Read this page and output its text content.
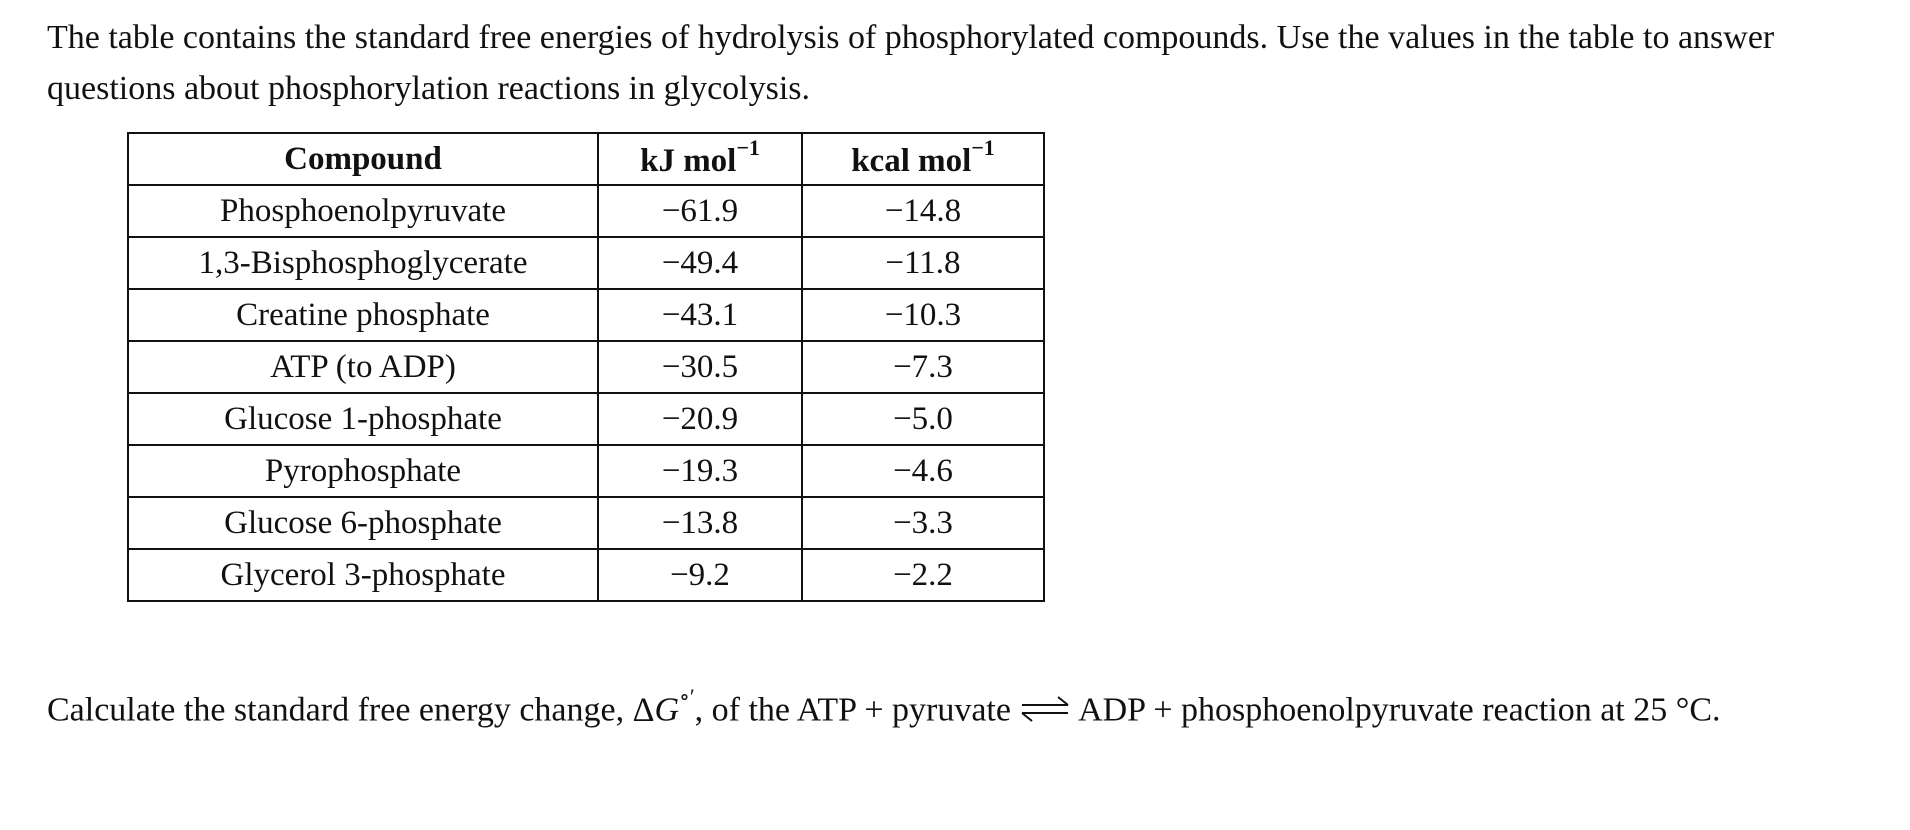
The table contains the standard free energies of hydrolysis of phosphorylated compounds. Use the values in the table to answer questions about phosphorylation reactions in glycolysis.

Compound	kJ mol$^{-1}$	kcal mol$^{-1}$
Phosphoenolpyruvate	−61.9	−14.8
1,3-Bisphosphoglycerate	−49.4	−11.8
Creatine phosphate	−43.1	−10.3
ATP (to ADP)	−30.5	−7.3
Glucose 1-phosphate	−20.9	−5.0
Pyrophosphate	−19.3	−4.6
Glucose 6-phosphate	−13.8	−3.3
Glycerol 3-phosphate	−9.2	−2.2

Calculate the standard free energy change, ΔG∘′, of the ATP + pyruvate ⇌ ADP + phosphoenolpyruvate reaction at 25 °C.
